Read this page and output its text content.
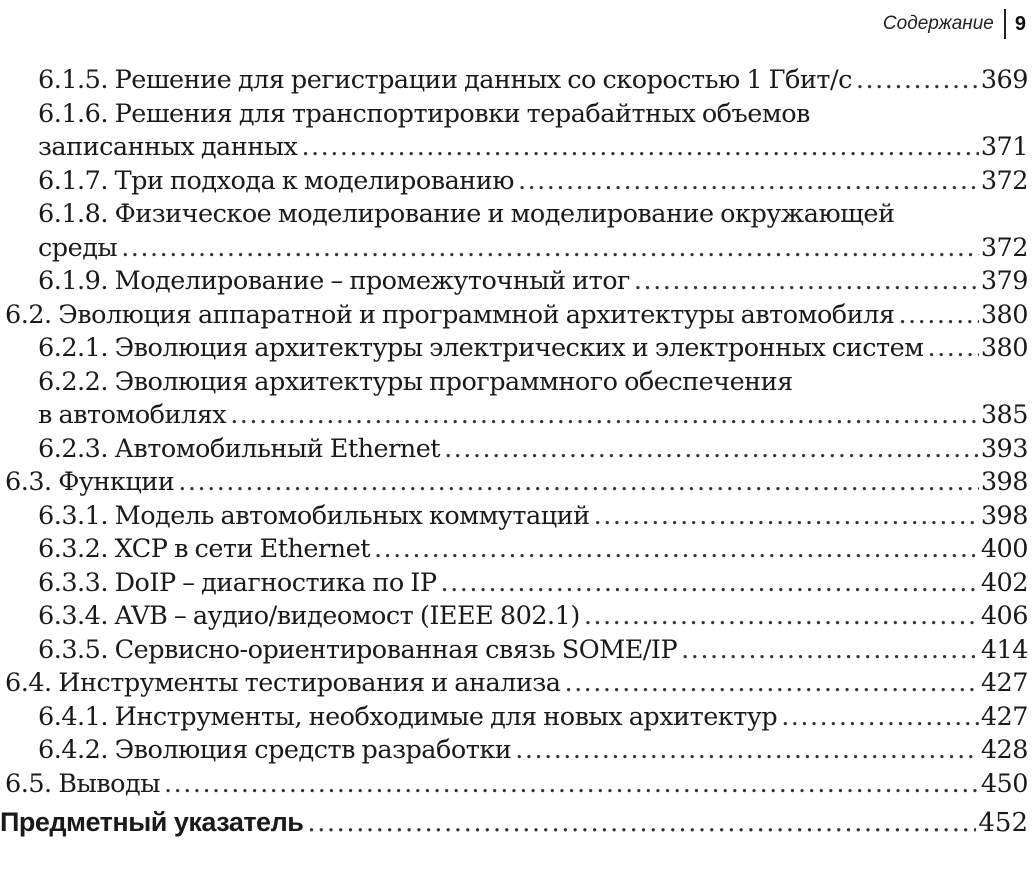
Содержание	9
6.1.5. Решение для регистрации данных со скоростью 1 Гбит/с .....	369
6.1.6. Решения для транспортировки терабайтных объемов
записанных данных .....	371
6.1.7. Три подхода к моделированию .....	372
6.1.8. Физическое моделирование и моделирование окружающей
среды .....	372
6.1.9. Моделирование – промежуточный итог .....	379
6.2. Эволюция аппаратной и программной архитектуры автомобиля .....	380
6.2.1. Эволюция архитектуры электрических и электронных систем ..... 380
6.2.2. Эволюция архитектуры программного обеспечения
в автомобилях .....	385
6.2.3. Автомобильный Ethernet .....	393
6.3. Функции .....	398
6.3.1. Модель автомобильных коммутаций .....	398
6.3.2. XCP в сети Ethernet .....	400
6.3.3. DoIP – диагностика по IP .....	402
6.3.4. AVB – аудио/видеомост (IEEE 802.1) .....	406
6.3.5. Сервисно-ориентированная связь SOME/IP .....	414
6.4. Инструменты тестирования и анализа .....	427
6.4.1. Инструменты, необходимые для новых архитектур .....	427
6.4.2. Эволюция средств разработки .....	428
6.5. Выводы .....	450
Предметный указатель .....	452
